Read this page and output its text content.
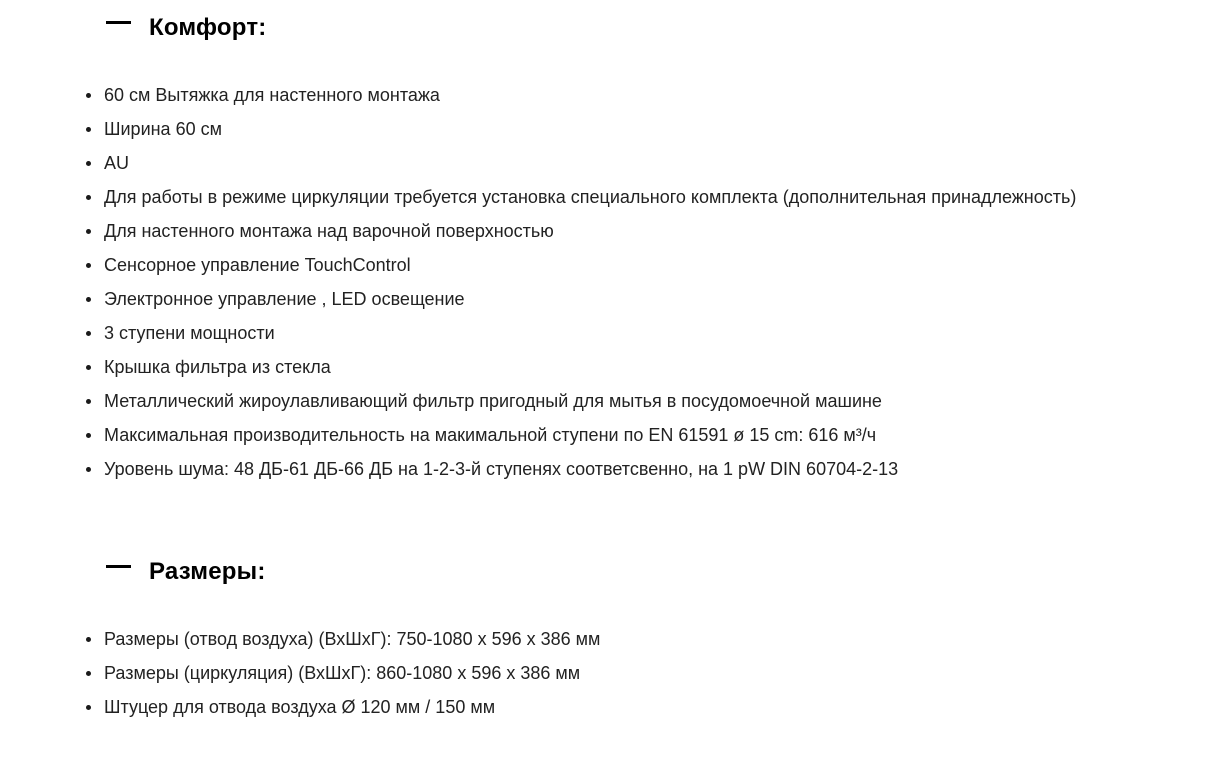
Комфорт:
60 см Вытяжка для настенного монтажа
Ширина 60 см
AU
Для работы в режиме циркуляции требуется установка специального комплекта (дополнительная принадлежность)
Для настенного монтажа над варочной поверхностью
Сенсорное управление TouchControl
Электронное управление , LED освещение
3 ступени мощности
Крышка фильтра из стекла
Металлический жироулавливающий фильтр пригодный для мытья в посудомоечной машине
Максимальная производительность на макимальной ступени по EN 61591 ø 15 cm: 616 м³/ч
Уровень шума: 48 ДБ-61 ДБ-66 ДБ на 1-2-3-й ступенях соответсвенно, на 1 pW DIN 60704-2-13
Размеры:
Размеры (отвод воздуха) (ВхШхГ): 750-1080 x 596 x 386 мм
Размеры (циркуляция) (ВхШхГ): 860-1080 x 596 x 386 мм
Штуцер для отвода воздуха Ø 120 мм / 150 мм
